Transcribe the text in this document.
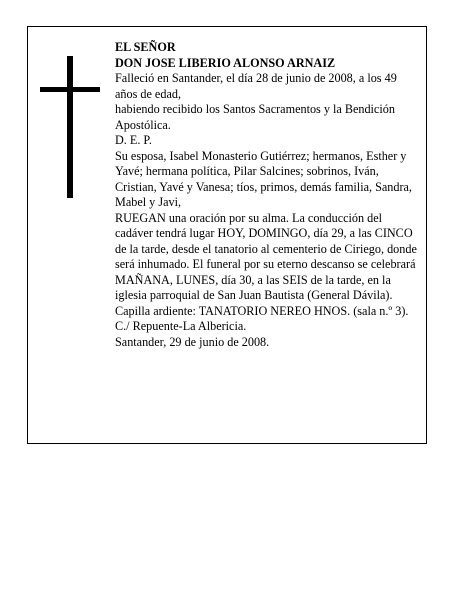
EL SEÑOR

DON JOSE LIBERIO ALONSO ARNAIZ

Falleció en Santander, el día 28 de junio de 2008, a los 49 años de edad,

habiendo recibido los Santos Sacramentos y la Bendición Apostólica.

D. E. P.

Su esposa, Isabel Monasterio Gutiérrez; hermanos, Esther y Yavé; hermana política, Pilar Salcines; sobrinos, Iván, Cristian, Yavé y Vanesa; tíos, primos, demás familia, Sandra, Mabel y Javi,

RUEGAN una oración por su alma. La conducción del cadáver tendrá lugar HOY, DOMINGO, día 29, a las CINCO de la tarde, desde el tanatorio al cementerio de Ciriego, donde será inhumado. El funeral por su eterno descanso se celebrará MAÑANA, LUNES, día 30, a las SEIS de la tarde, en la iglesia parroquial de San Juan Bautista (General Dávila). Capilla ardiente: TANATORIO NEREO HNOS. (sala n.º 3). C./ Repuente-La Albericia.

Santander, 29 de junio de 2008.
